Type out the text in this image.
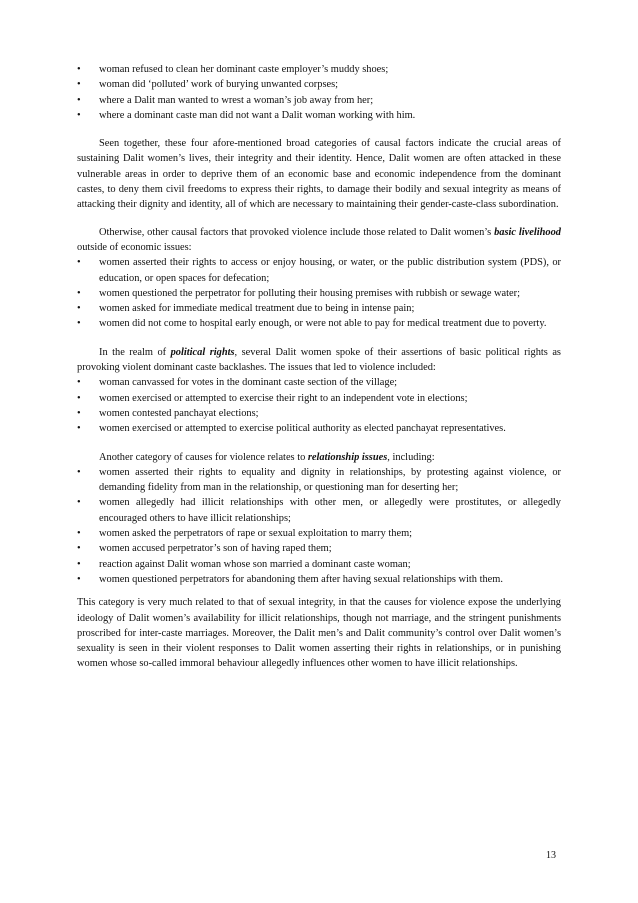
• woman refused to clean her dominant caste employer’s muddy shoes;
• woman did ‘polluted’ work of burying unwanted corpses;
• where a Dalit man wanted to wrest a woman’s job away from her;
• where a dominant caste man did not want a Dalit woman working with him.

Seen together, these four afore-mentioned broad categories of causal factors indicate the crucial areas of sustaining Dalit women’s lives, their integrity and their identity. Hence, Dalit women are often attacked in these vulnerable areas in order to deprive them of an economic base and economic independence from the dominant castes, to deny them civil freedoms to express their rights, to damage their bodily and sexual integrity as means of attacking their dignity and identity, all of which are necessary to maintaining their gender-caste-class subordination.

Otherwise, other causal factors that provoked violence include those related to Dalit women’s basic livelihood outside of economic issues:

• women asserted their rights to access or enjoy housing, or water, or the public distribution system (PDS), or education, or open spaces for defecation;
• women questioned the perpetrator for polluting their housing premises with rubbish or sewage water;
• women asked for immediate medical treatment due to being in intense pain;
• women did not come to hospital early enough, or were not able to pay for medical treatment due to poverty.

In the realm of political rights, several Dalit women spoke of their assertions of basic political rights as provoking violent dominant caste backlashes. The issues that led to violence included:

• woman canvassed for votes in the dominant caste section of the village;
• women exercised or attempted to exercise their right to an independent vote in elections;
• women contested panchayat elections;
• women exercised or attempted to exercise political authority as elected panchayat representatives.

Another category of causes for violence relates to relationship issues, including:

• women asserted their rights to equality and dignity in relationships, by protesting against violence, or demanding fidelity from man in the relationship, or questioning man for deserting her;
• women allegedly had illicit relationships with other men, or allegedly were prostitutes, or allegedly encouraged others to have illicit relationships;
• women asked the perpetrators of rape or sexual exploitation to marry them;
• women accused perpetrator’s son of having raped them;
• reaction against Dalit woman whose son married a dominant caste woman;
• women questioned perpetrators for abandoning them after having sexual relationships with them.

This category is very much related to that of sexual integrity, in that the causes for violence expose the underlying ideology of Dalit women’s availability for illicit relationships, though not marriage, and the stringent punishments proscribed for inter-caste marriages. Moreover, the Dalit men’s and Dalit community’s control over Dalit women’s sexuality is seen in their violent responses to Dalit women asserting their rights in relationships, or in punishing women whose so-called immoral behaviour allegedly influences other women to have illicit relationships.

13
